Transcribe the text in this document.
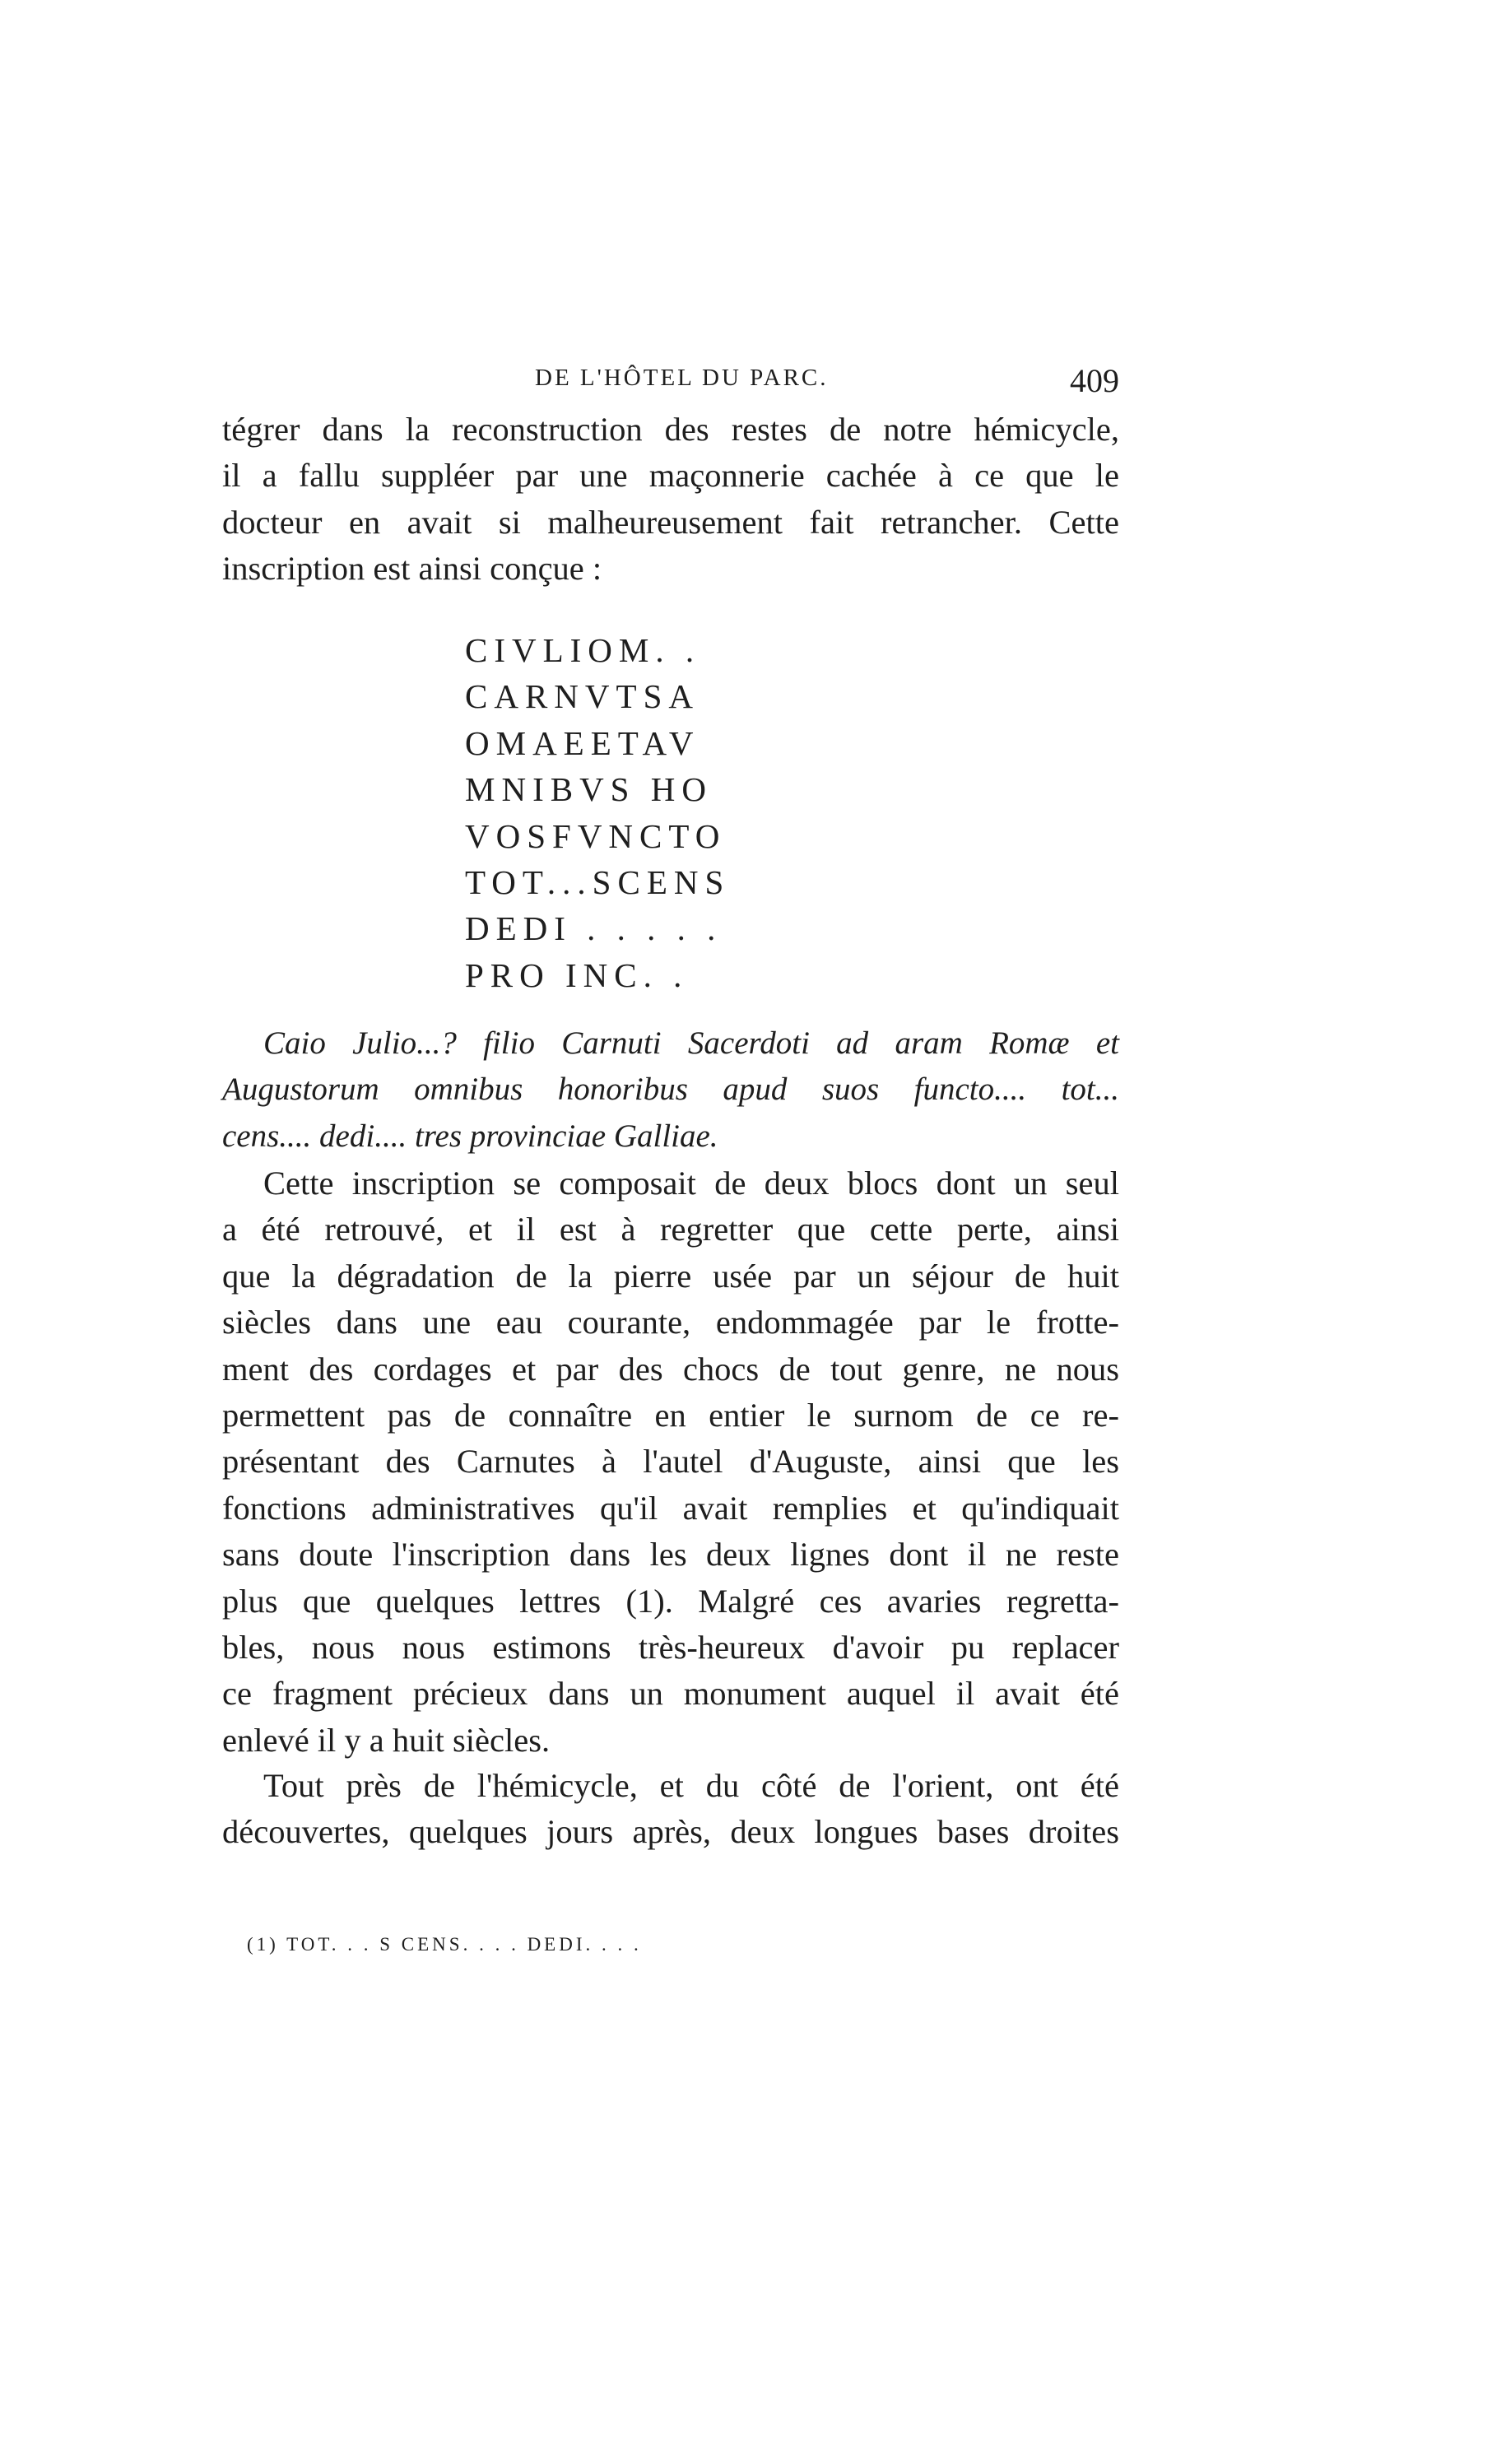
DE L'HÔTEL DU PARC.	409
tégrer dans la reconstruction des restes de notre hémicycle,
il a fallu suppléer par une maçonnerie cachée à ce que le
docteur en avait si malheureusement fait retrancher. Cette
inscription est ainsi conçue :
CIVLIOM. .
CARNVTSA
OMAEETAV
MNIBVS HO
VOSFVNCTO
TOT...SCENS
DEDI . . . . .
PRO INC. .
Caio Julio...? filio Carnuti Sacerdoti ad aram Romæ et
Augustorum omnibus honoribus apud suos functo.... tot...
cens.... dedi.... tres provinciae Galliae.
Cette inscription se composait de deux blocs dont un seul
a été retrouvé, et il est à regretter que cette perte, ainsi
que la dégradation de la pierre usée par un séjour de huit
siècles dans une eau courante, endommagée par le frotte-
ment des cordages et par des chocs de tout genre, ne nous
permettent pas de connaître en entier le surnom de ce re-
présentant des Carnutes à l'autel d'Auguste, ainsi que les
fonctions administratives qu'il avait remplies et qu'indiquait
sans doute l'inscription dans les deux lignes dont il ne reste
plus que quelques lettres (1). Malgré ces avaries regretta-
bles, nous nous estimons très-heureux d'avoir pu replacer
ce fragment précieux dans un monument auquel il avait été
enlevé il y a huit siècles.
Tout près de l'hémicycle, et du côté de l'orient, ont été
découvertes, quelques jours après, deux longues bases droites
(1) TOT. . . S CENS. . . . DEDI. . . .
